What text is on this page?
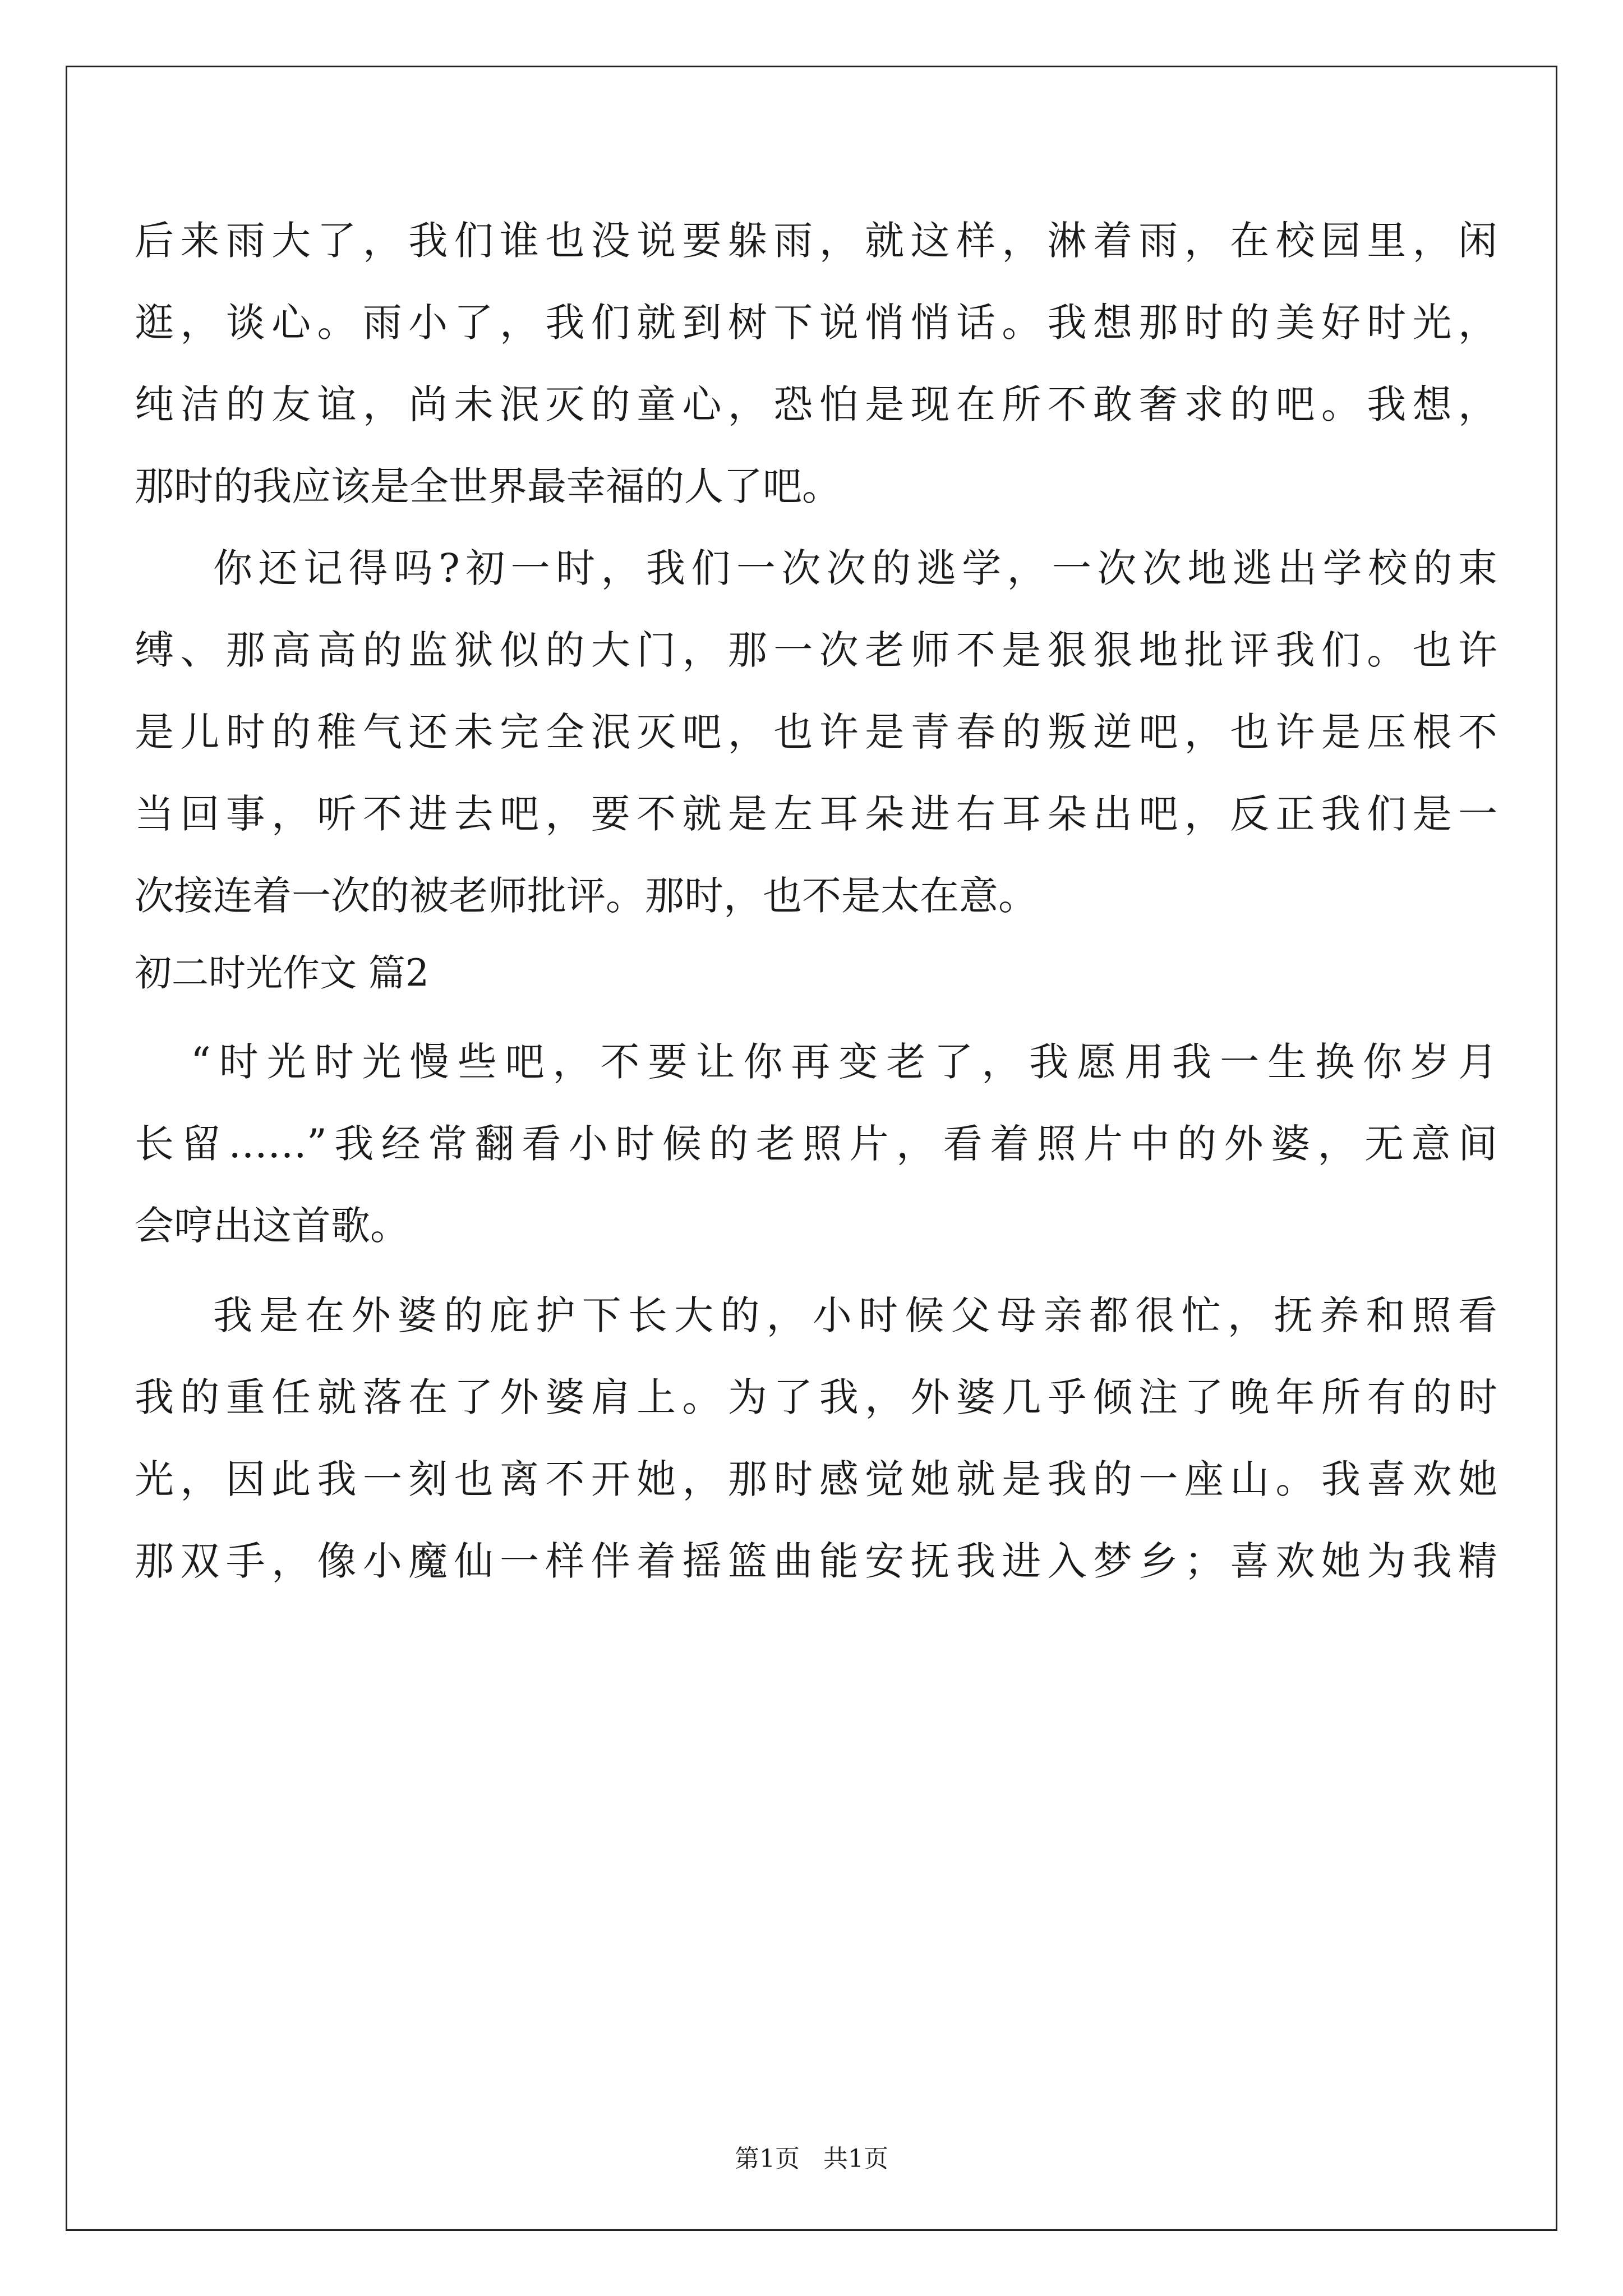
后来雨大了，我们谁也没说要躲雨，就这样，淋着雨，在校园里，闲
逛，谈心。雨小了，我们就到树下说悄悄话。我想那时的美好时光，
纯洁的友谊，尚未泯灭的童心，恐怕是现在所不敢奢求的吧。我想，
那时的我应该是全世界最幸福的人了吧。
你还记得吗?初一时，我们一次次的逃学，一次次地逃出学校的束
缚、那高高的监狱似的大门，那一次老师不是狠狠地批评我们。也许
是儿时的稚气还未完全泯灭吧，也许是青春的叛逆吧，也许是压根不
当回事，听不进去吧，要不就是左耳朵进右耳朵出吧，反正我们是一
次接连着一次的被老师批评。那时，也不是太在意。
初二时光作文 篇2
“时光时光慢些吧，不要让你再变老了，我愿用我一生换你岁月
长留……”我经常翻看小时候的老照片，看着照片中的外婆，无意间
会哼出这首歌。
我是在外婆的庇护下长大的，小时候父母亲都很忙，抚养和照看
我的重任就落在了外婆肩上。为了我，外婆几乎倾注了晚年所有的时
光，因此我一刻也离不开她，那时感觉她就是我的一座山。我喜欢她
那双手，像小魔仙一样伴着摇篮曲能安抚我进入梦乡；喜欢她为我精
第1页 共1页
